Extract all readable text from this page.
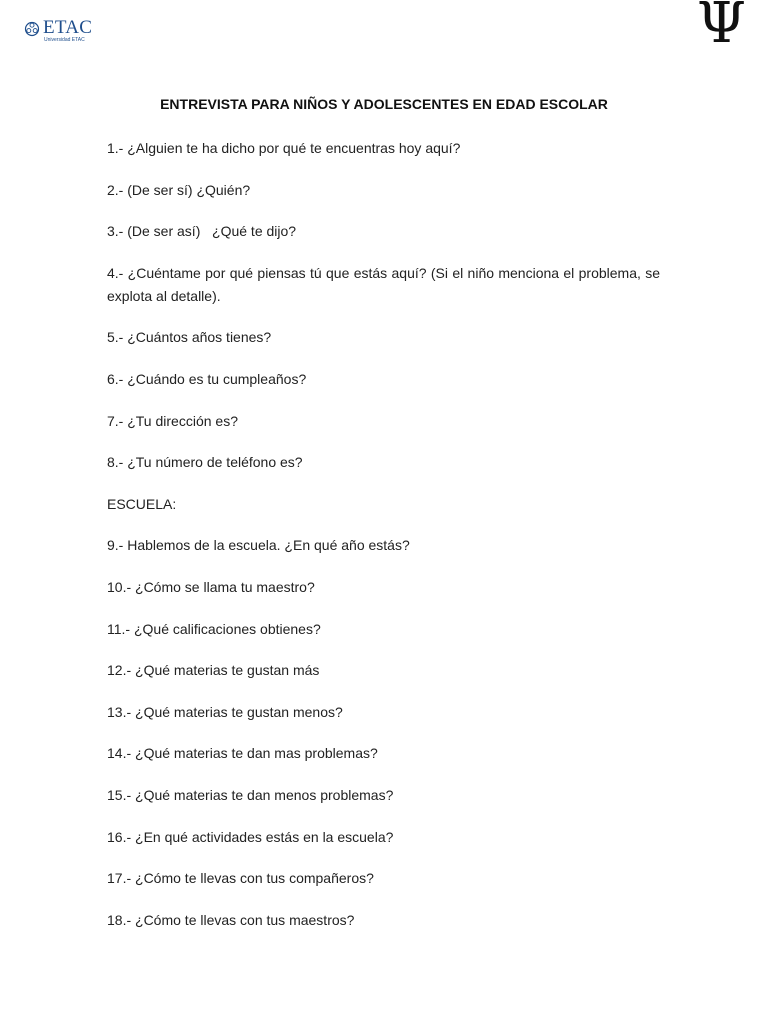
ETAC
Universidad ETAC	Ψ
ENTREVISTA PARA NIÑOS Y ADOLESCENTES EN EDAD ESCOLAR
1.- ¿Alguien te ha dicho por qué te encuentras hoy aquí?
2.- (De ser sí) ¿Quién?
3.- (De ser así)   ¿Qué te dijo?
4.- ¿Cuéntame por qué piensas tú que estás aquí? (Si el niño menciona el problema, se explota al detalle).
5.- ¿Cuántos años tienes?
6.- ¿Cuándo es tu cumpleaños?
7.- ¿Tu dirección es?
8.- ¿Tu número de teléfono es?
ESCUELA:
9.- Hablemos de la escuela. ¿En qué año estás?
10.- ¿Cómo se llama tu maestro?
11.- ¿Qué calificaciones obtienes?
12.- ¿Qué materias te gustan más
13.- ¿Qué materias te gustan menos?
14.- ¿Qué materias te dan mas problemas?
15.- ¿Qué materias te dan menos problemas?
16.- ¿En qué actividades estás en la escuela?
17.- ¿Cómo te llevas con tus compañeros?
18.- ¿Cómo te llevas con tus maestros?
